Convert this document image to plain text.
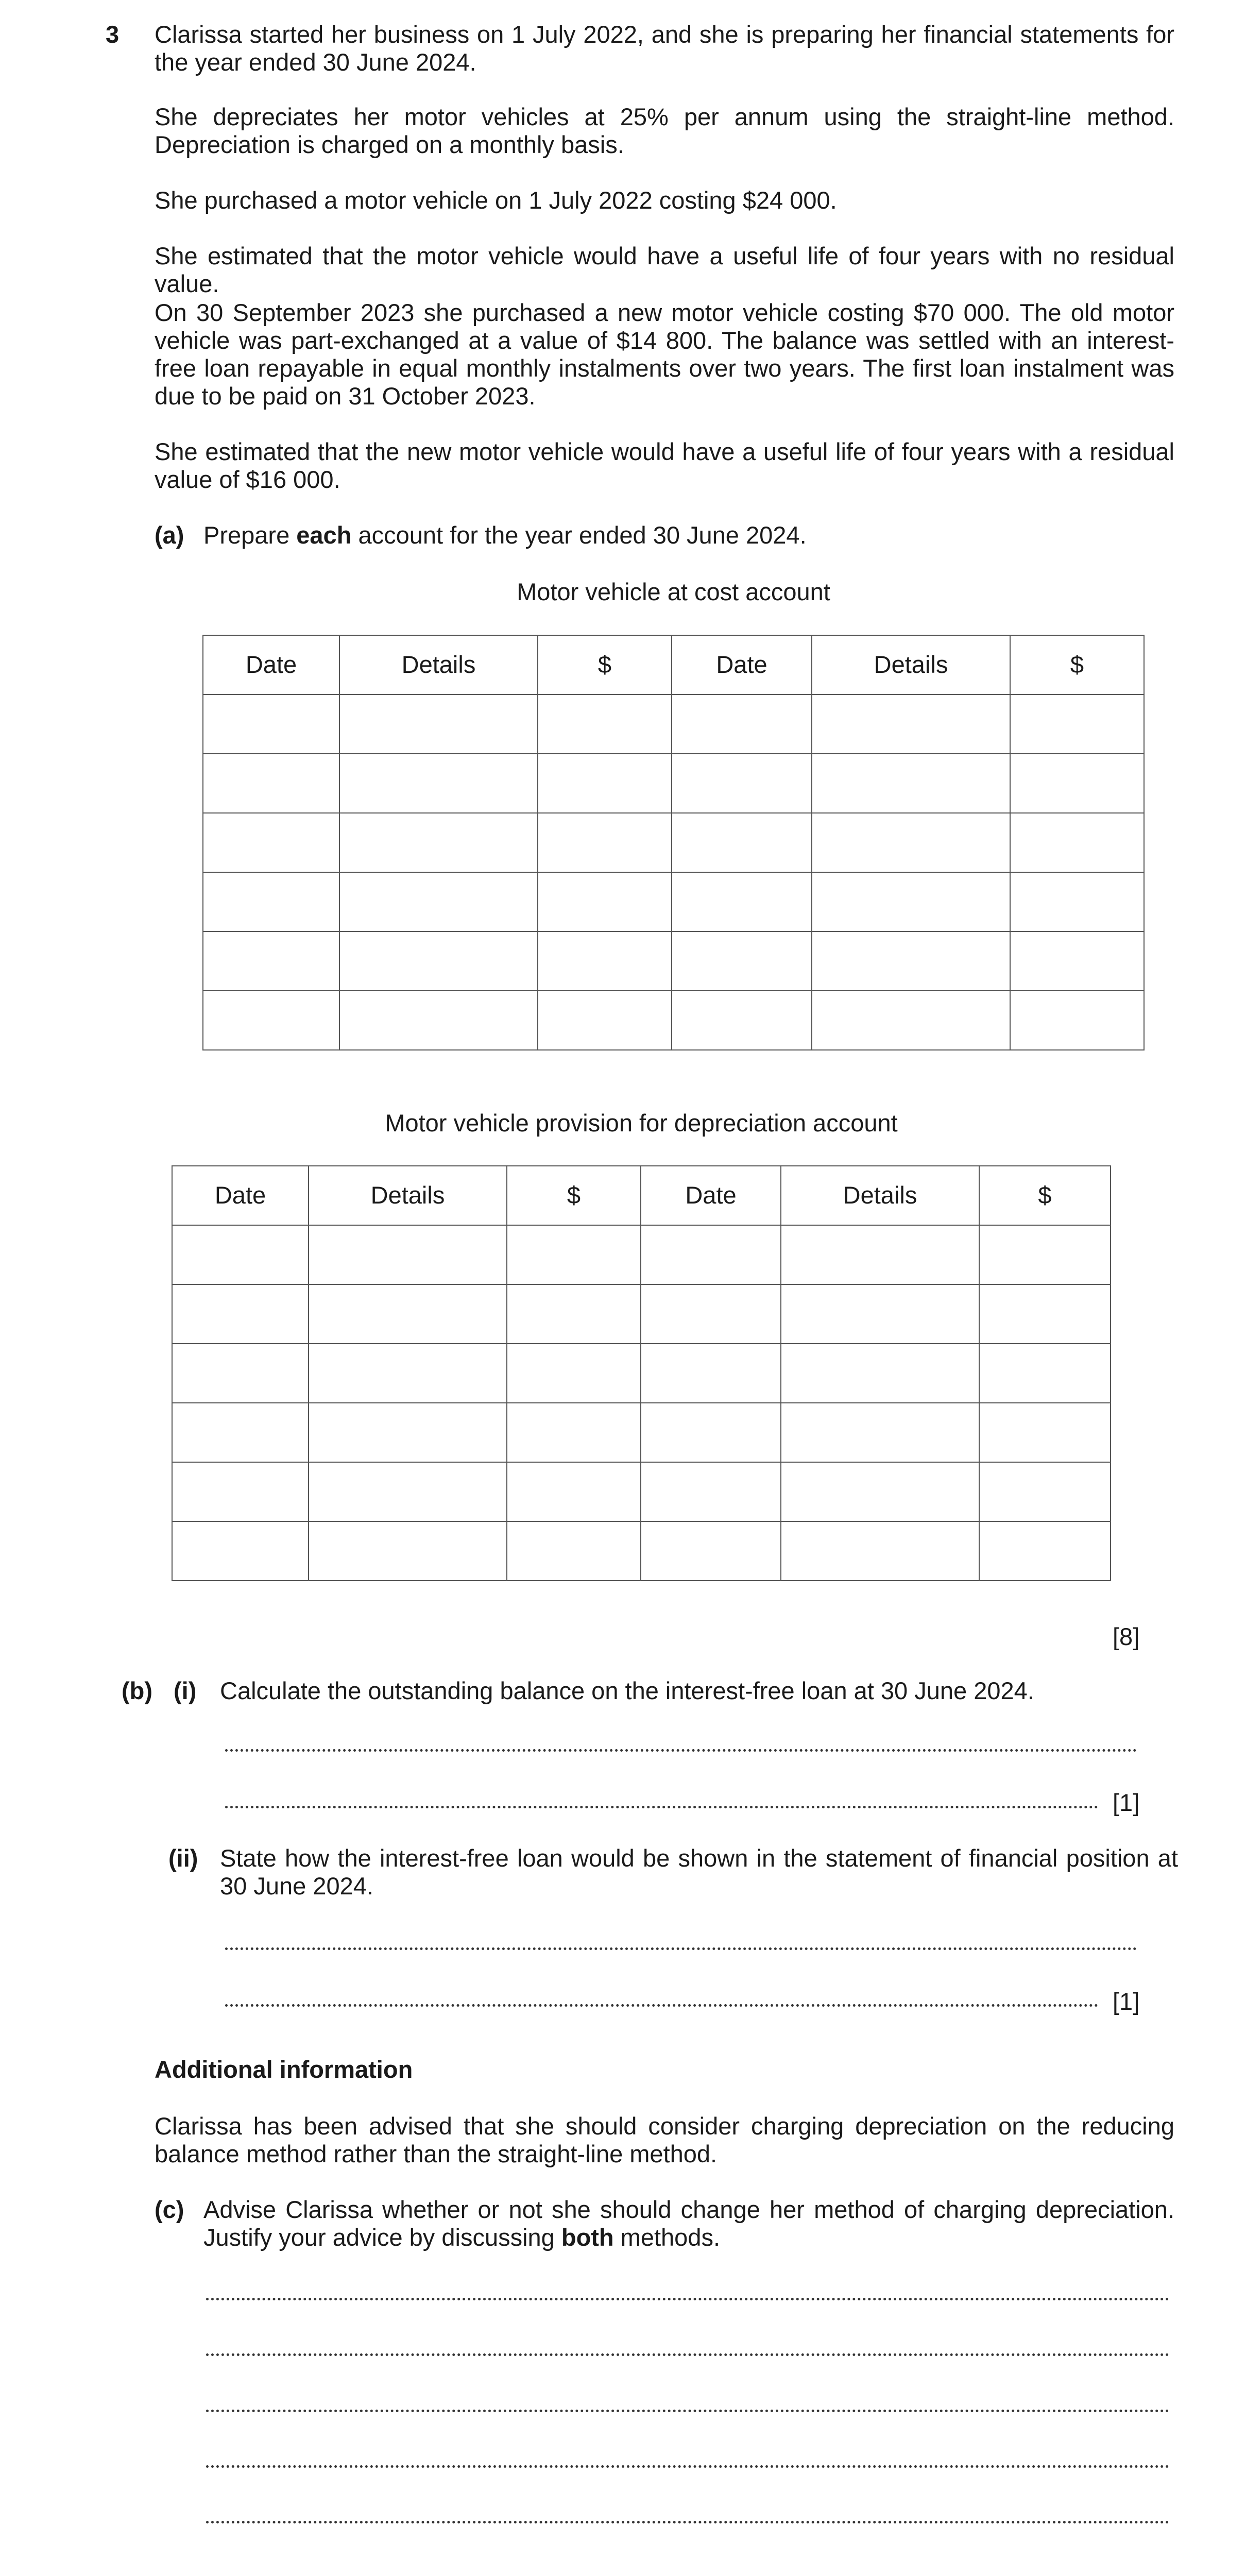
3 Clarissa started her business on 1 July 2022, and she is preparing her financial statements for the year ended 30 June 2024.

She depreciates her motor vehicles at 25% per annum using the straight-line method. Depreciation is charged on a monthly basis.

She purchased a motor vehicle on 1 July 2022 costing $24 000.

She estimated that the motor vehicle would have a useful life of four years with no residual value.

On 30 September 2023 she purchased a new motor vehicle costing $70 000. The old motor vehicle was part-exchanged at a value of $14 800. The balance was settled with an interest-free loan repayable in equal monthly instalments over two years. The first loan instalment was due to be paid on 31 October 2023.

She estimated that the new motor vehicle would have a useful life of four years with a residual value of $16 000.

(a) Prepare each account for the year ended 30 June 2024.
Motor vehicle at cost account
Date	Details	$	Date	Details	$

Motor vehicle provision for depreciation account
Date	Details	$	Date	Details	$

[8]
(b) (i) Calculate the outstanding balance on the interest-free loan at 30 June 2024.
[1]
(ii) State how the interest-free loan would be shown in the statement of financial position at 30 June 2024.
[1]
Additional information

Clarissa has been advised that she should consider charging depreciation on the reducing balance method rather than the straight-line method.

(c) Advise Clarissa whether or not she should change her method of charging depreciation. Justify your advice by discussing both methods.
